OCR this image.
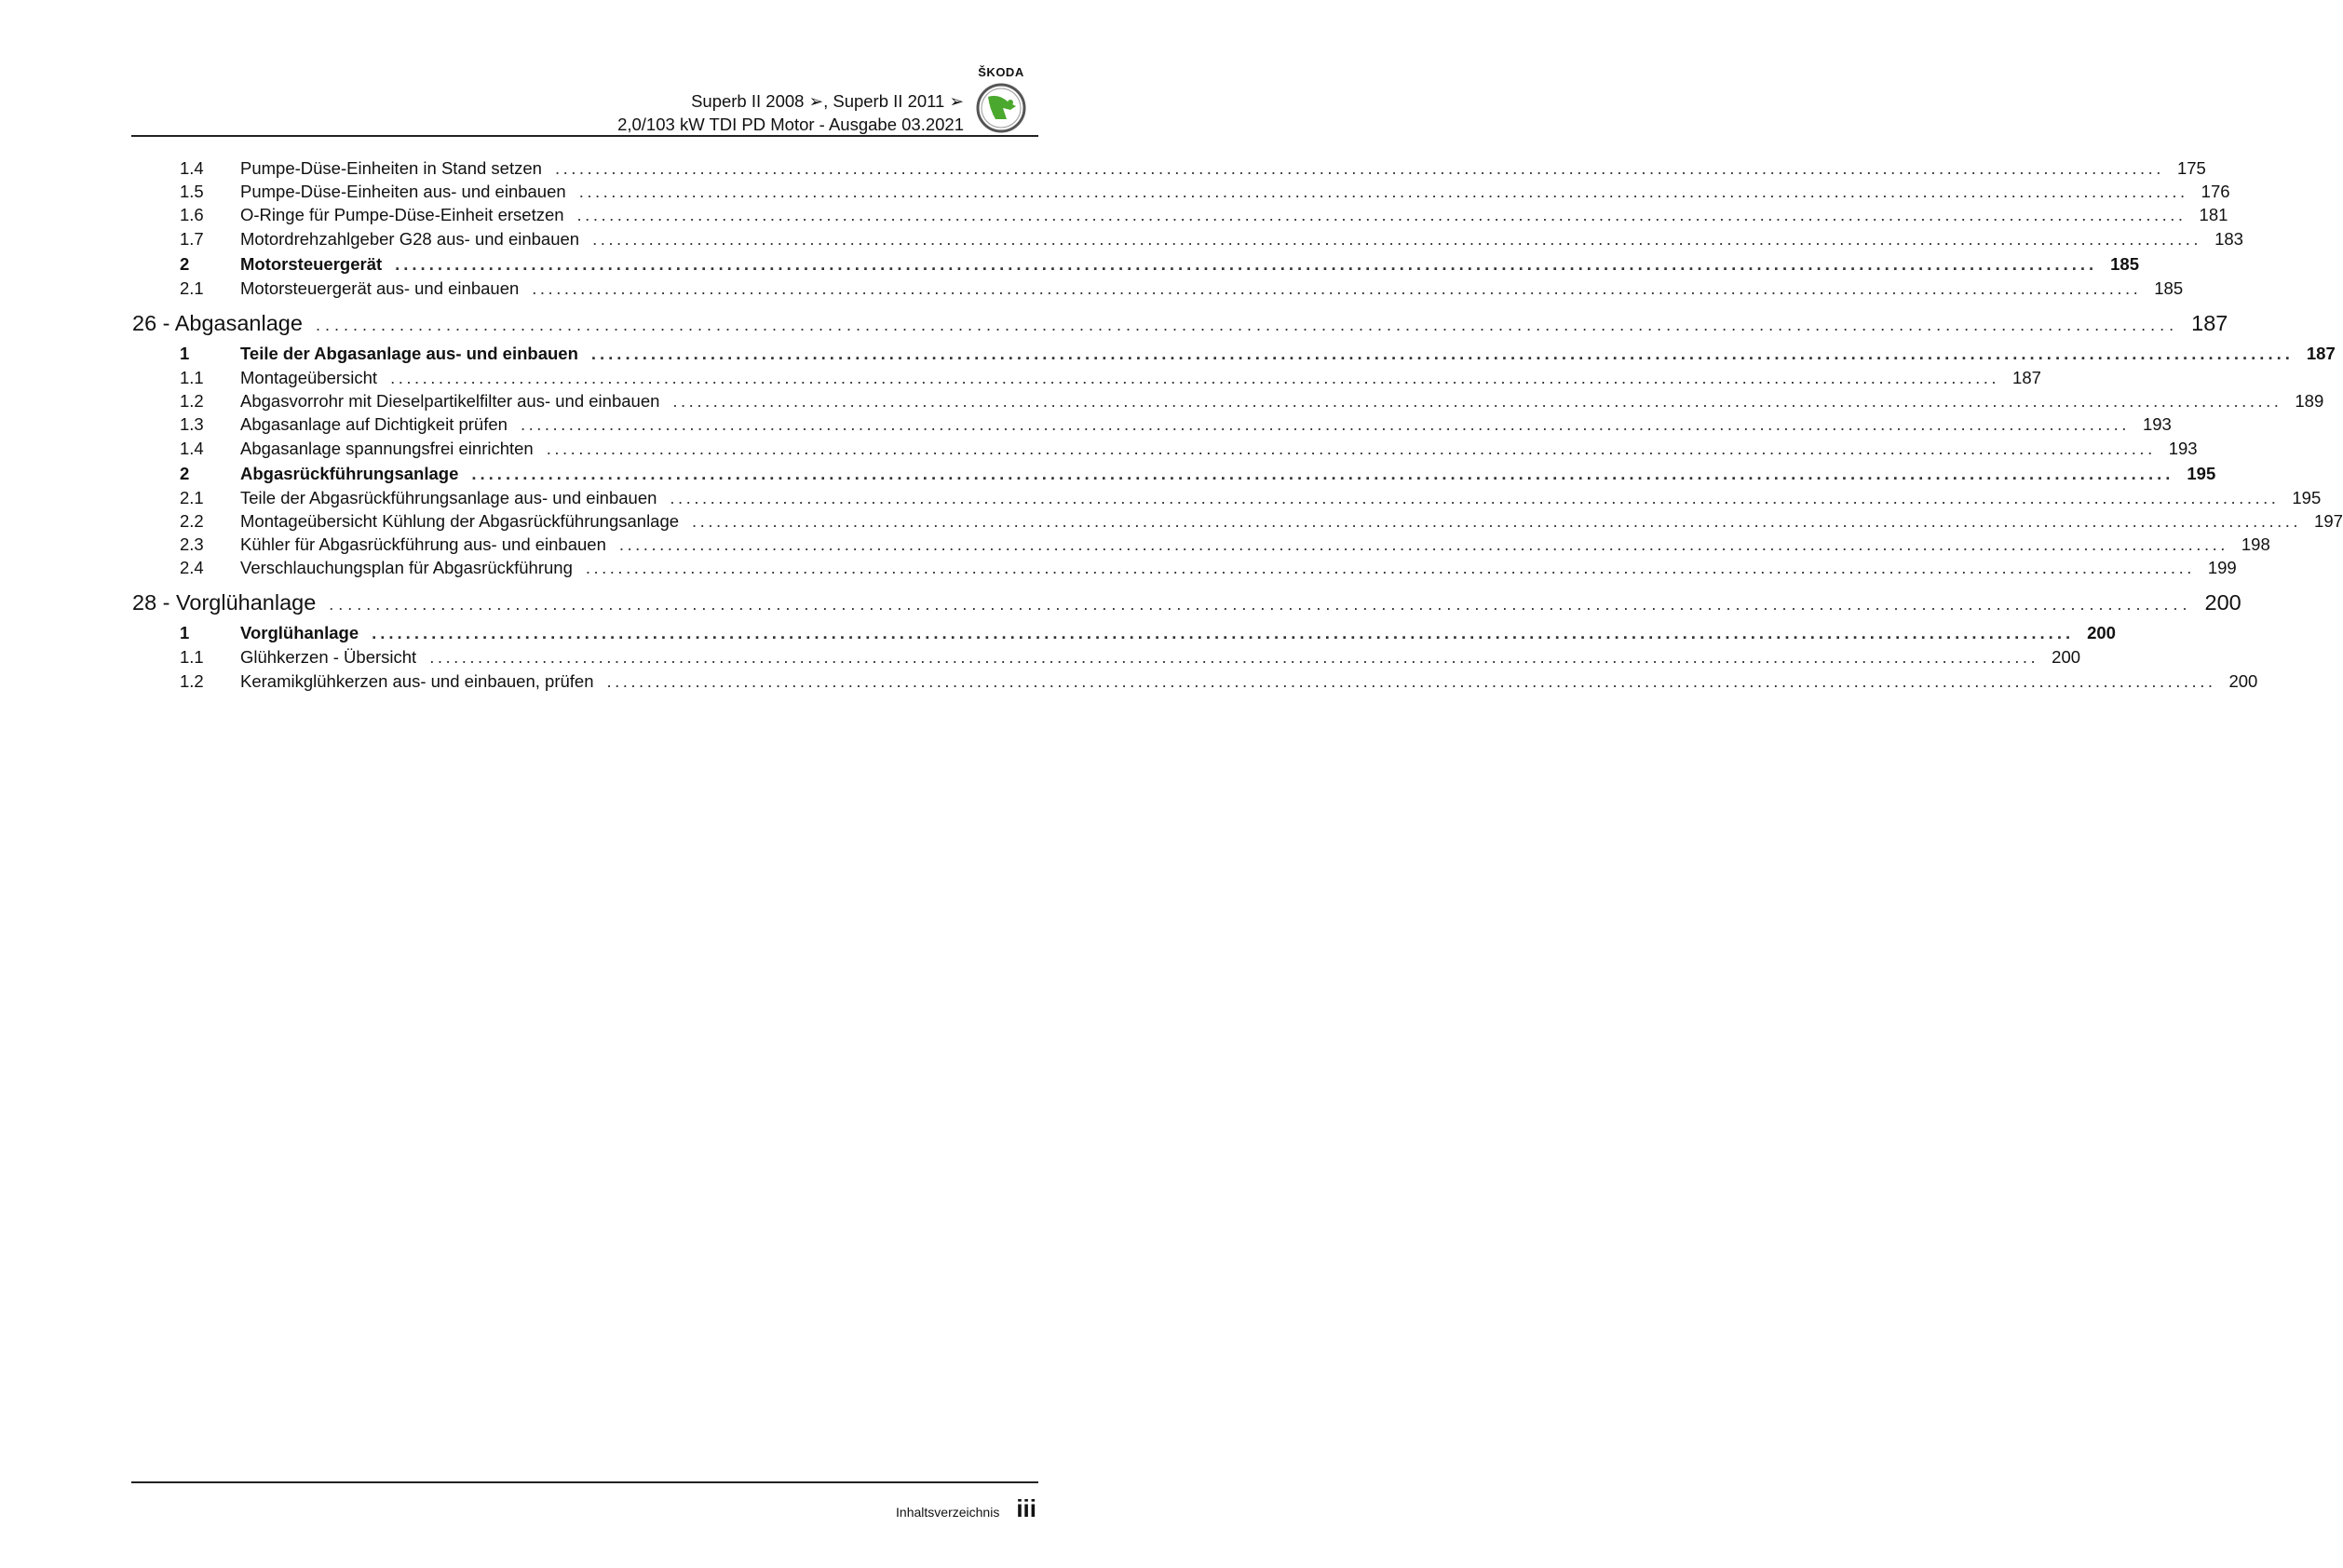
Superb II 2008 ➢, Superb II 2011 ➢
2,0/103 kW TDI PD Motor - Ausgabe 03.2021
ŠKODA
1.4	Pumpe-Düse-Einheiten in Stand setzen ........................................................................................................................................................................................................ 175
1.5	Pumpe-Düse-Einheiten aus- und einbauen ........................................................................................................................................................................................................ 176
1.6	O-Ringe für Pumpe-Düse-Einheit ersetzen ........................................................................................................................................................................................................ 181
1.7	Motordrehzahlgeber G28 aus- und einbauen ........................................................................................................................................................................................................ 183
2	Motorsteuergerät ........................................................................................................................................................................................................ 185
2.1	Motorsteuergerät aus- und einbauen ........................................................................................................................................................................................................ 185
26 - Abgasanlage ........................................................................................................................................................................................................ 187
1	Teile der Abgasanlage aus- und einbauen ........................................................................................................................................................................................................ 187
1.1	Montageübersicht ........................................................................................................................................................................................................ 187
1.2	Abgasvorrohr mit Dieselpartikelfilter aus- und einbauen ........................................................................................................................................................................................................ 189
1.3	Abgasanlage auf Dichtigkeit prüfen ........................................................................................................................................................................................................ 193
1.4	Abgasanlage spannungsfrei einrichten ........................................................................................................................................................................................................ 193
2	Abgasrückführungsanlage ........................................................................................................................................................................................................ 195
2.1	Teile der Abgasrückführungsanlage aus- und einbauen ........................................................................................................................................................................................................ 195
2.2	Montageübersicht Kühlung der Abgasrückführungsanlage ........................................................................................................................................................................................................ 197
2.3	Kühler für Abgasrückführung aus- und einbauen ........................................................................................................................................................................................................ 198
2.4	Verschlauchungsplan für Abgasrückführung ........................................................................................................................................................................................................ 199
28 - Vorglühanlage ........................................................................................................................................................................................................ 200
1	Vorglühanlage ........................................................................................................................................................................................................ 200
1.1	Glühkerzen - Übersicht ........................................................................................................................................................................................................ 200
1.2	Keramikglühkerzen aus- und einbauen, prüfen ........................................................................................................................................................................................................ 200
Inhaltsverzeichnis iii
